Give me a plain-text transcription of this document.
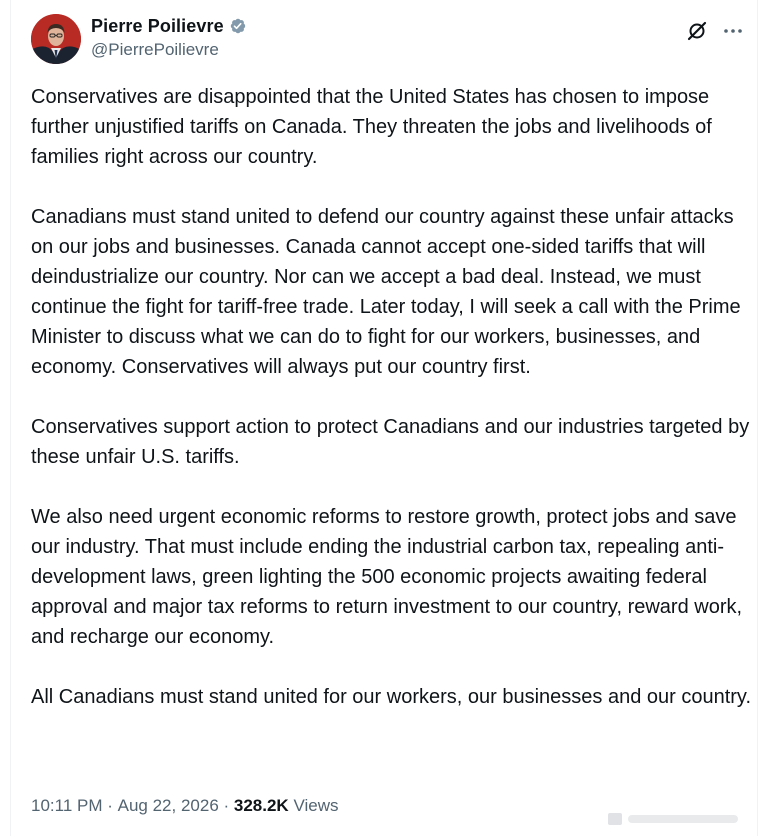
Pierre Poilievre
@PierrePoilievre

Conservatives are disappointed that the United States has chosen to impose further unjustified tariffs on Canada. They threaten the jobs and livelihoods of families right across our country.

Canadians must stand united to defend our country against these unfair attacks on our jobs and businesses. Canada cannot accept one-sided tariffs that will deindustrialize our country. Nor can we accept a bad deal. Instead, we must continue the fight for tariff-free trade. Later today, I will seek a call with the Prime Minister to discuss what we can do to fight for our workers, businesses, and economy. Conservatives will always put our country first.

Conservatives support action to protect Canadians and our industries targeted by these unfair U.S. tariffs.

We also need urgent economic reforms to restore growth, protect jobs and save our industry. That must include ending the industrial carbon tax, repealing anti-development laws, green lighting the 500 economic projects awaiting federal approval and major tax reforms to return investment to our country, reward work, and recharge our economy.

All Canadians must stand united for our workers, our businesses and our country.

10:11 PM · Aug 22, 2026 · 328.2K Views
